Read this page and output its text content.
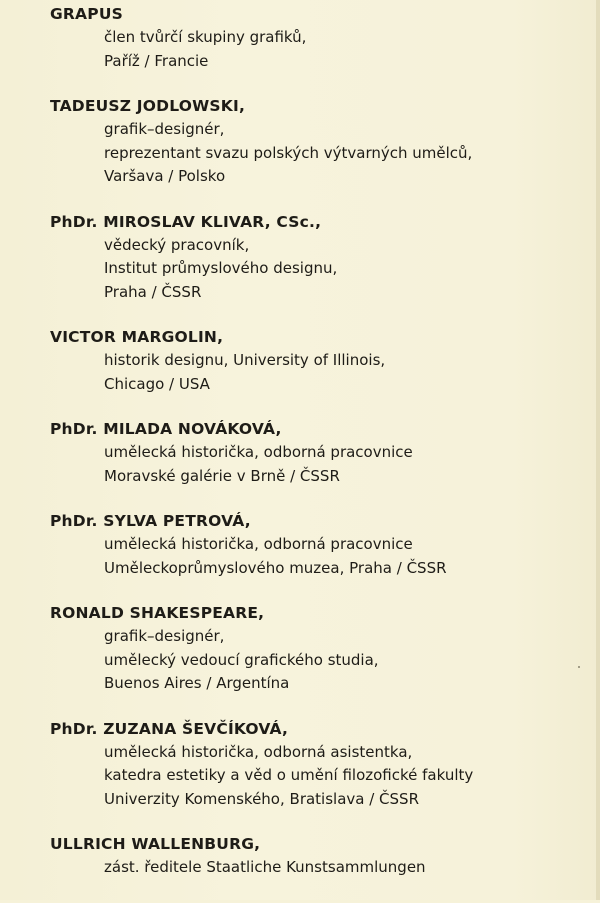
GRAPUS
člen tvůrčí skupiny grafiků,
Paříž / Francie
TADEUSZ JODLOWSKI,
grafik–designér,
reprezentant svazu polských výtvarných umělců,
Varšava / Polsko
PhDr. MIROSLAV KLIVAR, CSc.,
vědecký pracovník,
Institut průmyslového designu,
Praha / ČSSR
VICTOR MARGOLIN,
historik designu, University of Illinois,
Chicago / USA
PhDr. MILADA NOVÁKOVÁ,
umělecká historička, odborná pracovnice
Moravské galérie v Brně / ČSSR
PhDr. SYLVA PETROVÁ,
umělecká historička, odborná pracovnice
Uměleckoprůmyslového muzea, Praha / ČSSR
RONALD SHAKESPEARE,
grafik–designér,
umělecký vedoucí grafického studia,
Buenos Aires / Argentína
PhDr. ZUZANA ŠEVČÍKOVÁ,
umělecká historička, odborná asistentka,
katedra estetiky a věd o umění filozofické fakulty
Univerzity Komenského, Bratislava / ČSSR
ULLRICH WALLENBURG,
zást. ředitele Staatliche Kunstsammlungen
